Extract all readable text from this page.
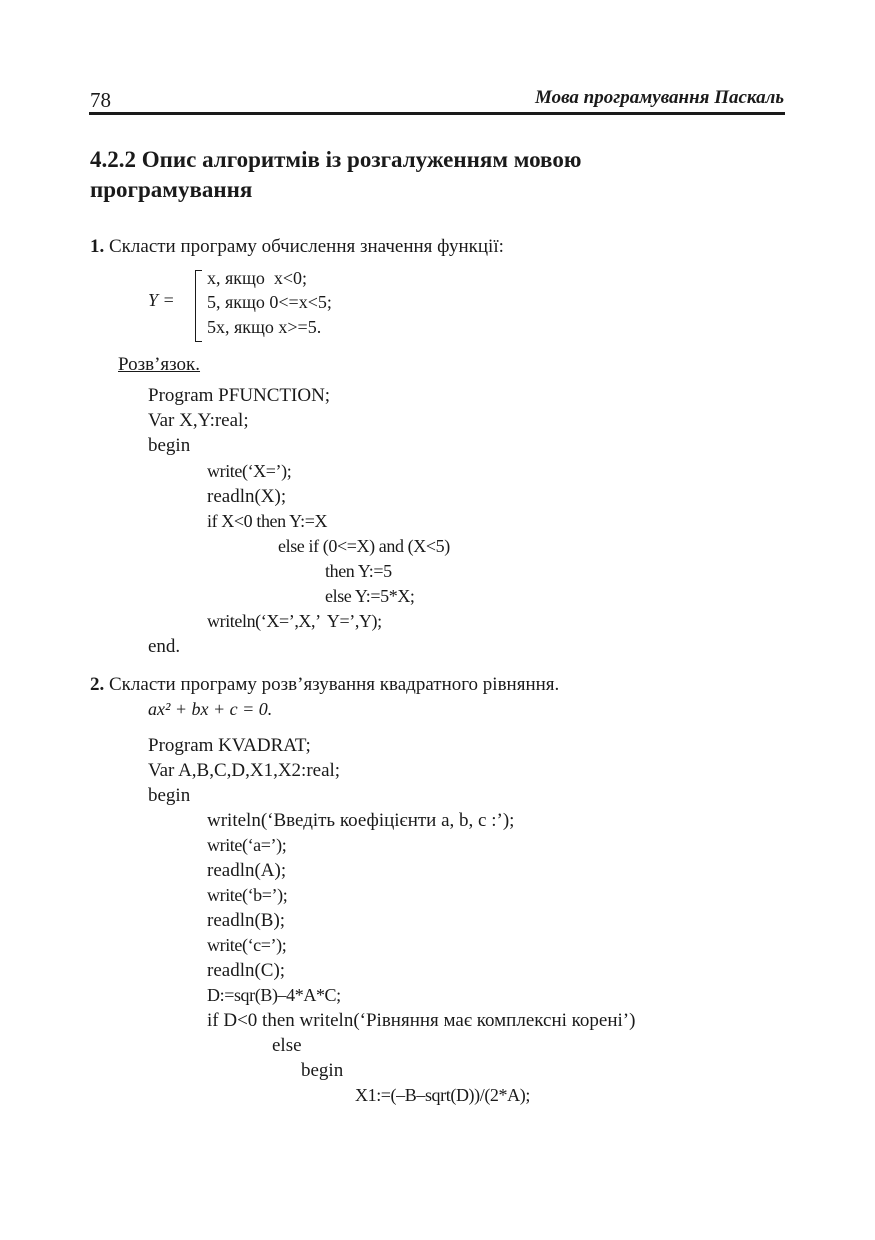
78	Мова програмування Паскаль
4.2.2 Опис алгоритмів із розгалуженням мовою програмування
1. Скласти програму обчислення значення функції:
Y =
x, якщо  x<0;
5, якщо 0<=x<5;
5x, якщо x>=5.
Розв’язок.
Program PFUNCTION;
Var X,Y:real;
begin
write(‘X=’);
readln(X);
if X<0 then Y:=X
else if (0<=X) and (X<5)
then Y:=5
else Y:=5*X;
writeln(‘X=’,X,’  Y=’,Y);
end.
2. Скласти програму розв’язування квадратного рівняння.
ax² + bx + c = 0.
Program KVADRAT;
Var A,B,C,D,X1,X2:real;
begin
writeln(‘Введіть коефіцієнти a, b, c :’);
write(‘a=’);
readln(A);
write(‘b=’);
readln(B);
write(‘c=’);
readln(C);
D:=sqr(B)–4*A*C;
if D<0 then writeln(‘Рівняння має комплексні корені’)
else
begin
X1:=(–B–sqrt(D))/(2*A);
